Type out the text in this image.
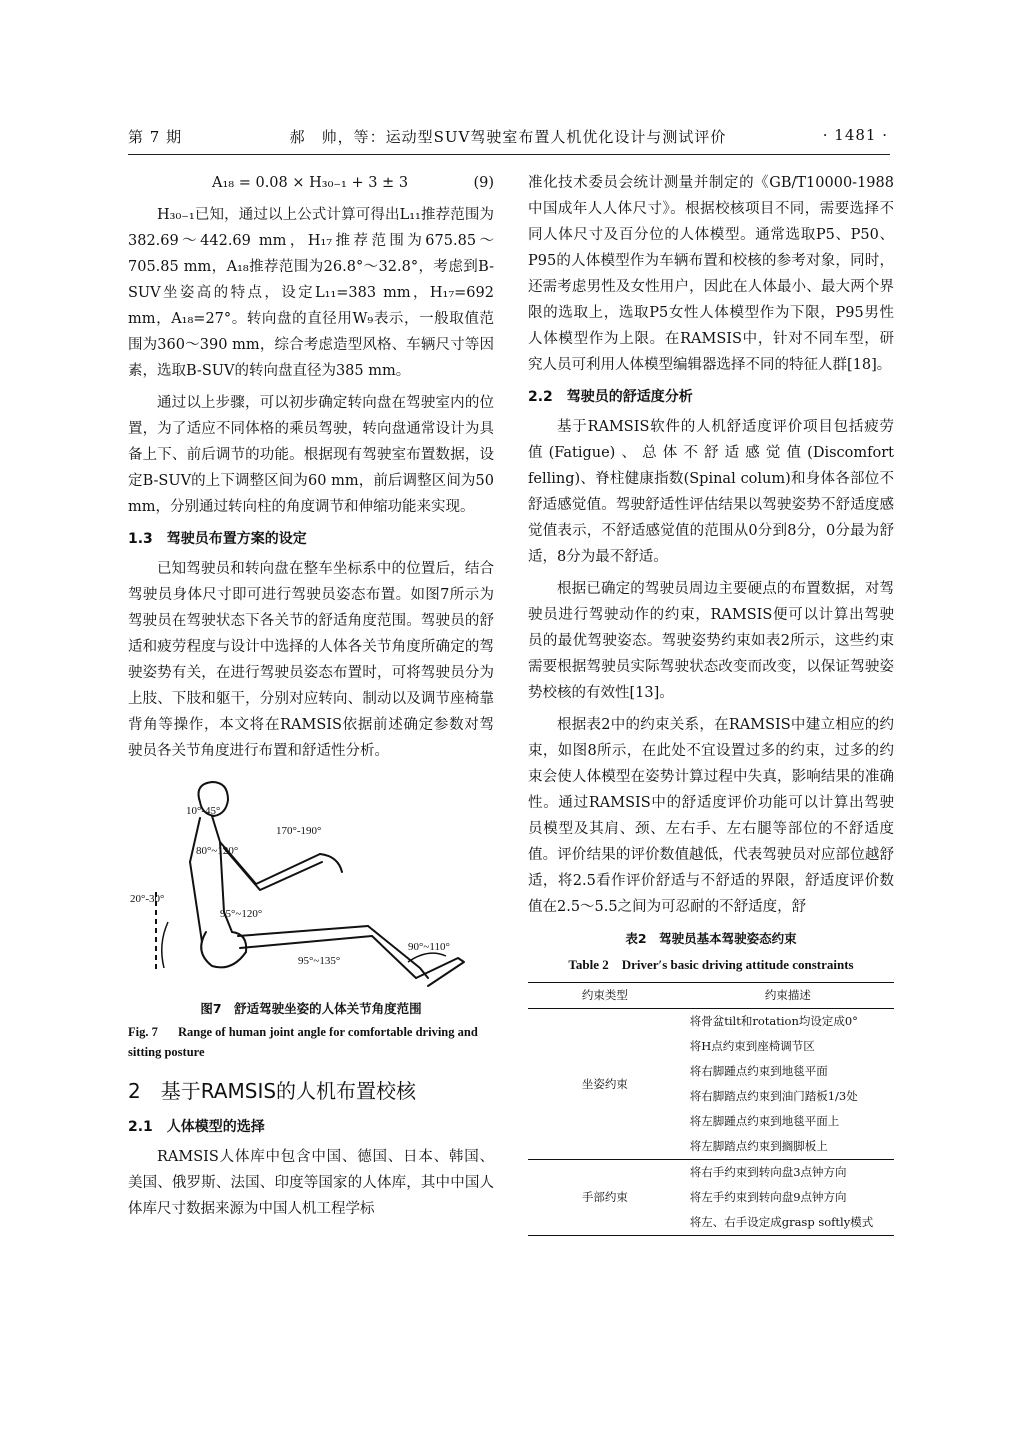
第 7 期	郝　帅，等：运动型SUV驾驶室布置人机优化设计与测试评价	· 1481 ·
A₁₈ = 0.08 × H₃₀₋₁ + 3 ± 3	(9)

H₃₀₋₁已知，通过以上公式计算可得出L₁₁推荐范围为382.69～442.69 mm，H₁₇推荐范围为675.85～705.85 mm，A₁₈推荐范围为26.8°～32.8°，考虑到B-SUV坐姿高的特点，设定L₁₁=383 mm，H₁₇=692 mm，A₁₈=27°。转向盘的直径用W₉表示，一般取值范围为360～390 mm，综合考虑造型风格、车辆尺寸等因素，选取B-SUV的转向盘直径为385 mm。

通过以上步骤，可以初步确定转向盘在驾驶室内的位置，为了适应不同体格的乘员驾驶，转向盘通常设计为具备上下、前后调节的功能。根据现有驾驶室布置数据，设定B-SUV的上下调整区间为60 mm，前后调整区间为50 mm，分别通过转向柱的角度调节和伸缩功能来实现。

1.3　驾驶员布置方案的设定

已知驾驶员和转向盘在整车坐标系中的位置后，结合驾驶员身体尺寸即可进行驾驶员姿态布置。如图7所示为驾驶员在驾驶状态下各关节的舒适角度范围。驾驶员的舒适和疲劳程度与设计中选择的人体各关节角度所确定的驾驶姿势有关，在进行驾驶员姿态布置时，可将驾驶员分为上肢、下肢和躯干，分别对应转向、制动以及调节座椅靠背角等操作，本文将在RAMSIS依据前述确定参数对驾驶员各关节角度进行布置和舒适性分析。

10°-45°
170°-190°
80°~120°
20°-30°
95°~120°
95°~135°
90°~110°
图7　舒适驾驶坐姿的人体关节角度范围
Fig. 7 Range of human joint angle for comfortable driving and sitting posture
2　基于RAMSIS的人机布置校核
2.1　人体模型的选择

RAMSIS人体库中包含中国、德国、日本、韩国、美国、俄罗斯、法国、印度等国家的人体库，其中中国人体库尺寸数据来源为中国人机工程学标

准化技术委员会统计测量并制定的《GB/T10000-1988中国成年人人体尺寸》。根据校核项目不同，需要选择不同人体尺寸及百分位的人体模型。通常选取P5、P50、P95的人体模型作为车辆布置和校核的参考对象，同时，还需考虑男性及女性用户，因此在人体最小、最大两个界限的选取上，选取P5女性人体模型作为下限，P95男性人体模型作为上限。在RAMSIS中，针对不同车型，研究人员可利用人体模型编辑器选择不同的特征人群[18]。

2.2　驾驶员的舒适度分析

基于RAMSIS软件的人机舒适度评价项目包括疲劳值(Fatigue)、总体不舒适感觉值(Discomfort felling)、脊柱健康指数(Spinal colum)和身体各部位不舒适感觉值。驾驶舒适性评估结果以驾驶姿势不舒适度感觉值表示，不舒适感觉值的范围从0分到8分，0分最为舒适，8分为最不舒适。

根据已确定的驾驶员周边主要硬点的布置数据，对驾驶员进行驾驶动作的约束，RAMSIS便可以计算出驾驶员的最优驾驶姿态。驾驶姿势约束如表2所示，这些约束需要根据驾驶员实际驾驶状态改变而改变，以保证驾驶姿势校核的有效性[13]。

根据表2中的约束关系，在RAMSIS中建立相应的约束，如图8所示，在此处不宜设置过多的约束，过多的约束会使人体模型在姿势计算过程中失真，影响结果的准确性。通过RAMSIS中的舒适度评价功能可以计算出驾驶员模型及其肩、颈、左右手、左右腿等部位的不舒适度值。评价结果的评价数值越低，代表驾驶员对应部位越舒适，将2.5看作评价舒适与不舒适的界限，舒适度评价数值在2.5～5.5之间为可忍耐的不舒适度，舒

表2　驾驶员基本驾驶姿态约束
Table 2　Driver′s basic driving attitude constraints
约束类型	约束描述
坐姿约束	将骨盆tilt和rotation均设定成0°
	将H点约束到座椅调节区
	将右脚踵点约束到地毯平面
	将右脚踏点约束到油门踏板1/3处
	将左脚踵点约束到地毯平面上
	将左脚踏点约束到搁脚板上
手部约束	将右手约束到转向盘3点钟方向
	将左手约束到转向盘9点钟方向
	将左、右手设定成grasp softly模式
